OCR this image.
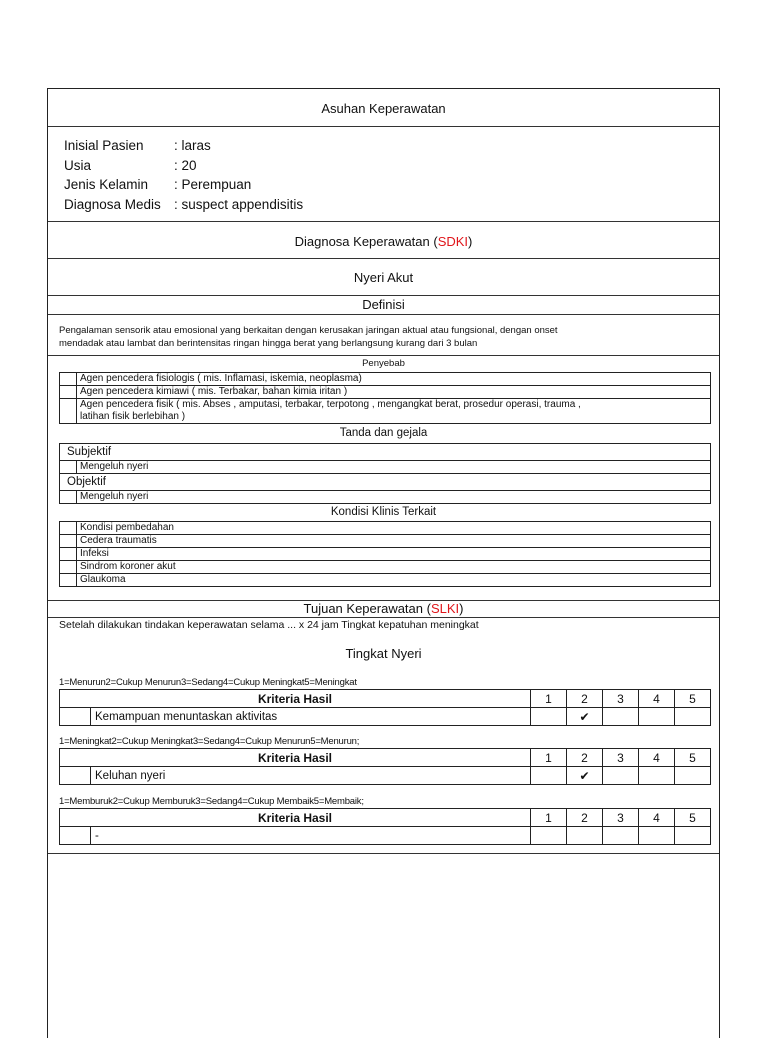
Asuhan Keperawatan
Inisial Pasien	: laras
Usia	: 20
Jenis Kelamin	: Perempuan
Diagnosa Medis : suspect appendisitis
Diagnosa Keperawatan (SDKI)
Nyeri Akut
Definisi
Pengalaman sensorik atau emosional yang berkaitan dengan kerusakan jaringan aktual atau fungsional, dengan onset
mendadak atau lambat dan berintensitas ringan hingga berat yang berlangsung kurang dari 3 bulan
Penyebab
	Agen pencedera fisiologis ( mis. Inflamasi, iskemia, neoplasma)
	Agen pencedera kimiawi ( mis. Terbakar, bahan kimia iritan )

	Agen pencedera fisik ( mis. Abses , amputasi, terbakar, terpotong , mengangkat berat, prosedur operasi, trauma ,
latihan fisik berlebihan )
Tanda dan gejala
Subjektif	
	Mengeluh nyeri
Objektif	
	Mengeluh nyeri
Kondisi Klinis Terkait
	Kondisi pembedahan
	Cedera traumatis
	Infeksi
	Sindrom koroner akut
	Glaukoma
Tujuan Keperawatan (SLKI)
Setelah dilakukan tindakan keperawatan selama ... x 24 jam Tingkat kepatuhan meningkat
Tingkat Nyeri
1=Menurun2=Cukup Menurun3=Sedang4=Cukup Meningkat5=Meningkat
Kriteria Hasil		1	2	3	4	5
	Kemampuan menuntaskan aktivitas		✔			
1=Meningkat2=Cukup Meningkat3=Sedang4=Cukup Menurun5=Menurun;
Kriteria Hasil		1	2	3	4	5
	Keluhan nyeri		✔			
1=Memburuk2=Cukup Memburuk3=Sedang4=Cukup Membaik5=Membaik;
Kriteria Hasil		1	2	3	4	5
	-					
